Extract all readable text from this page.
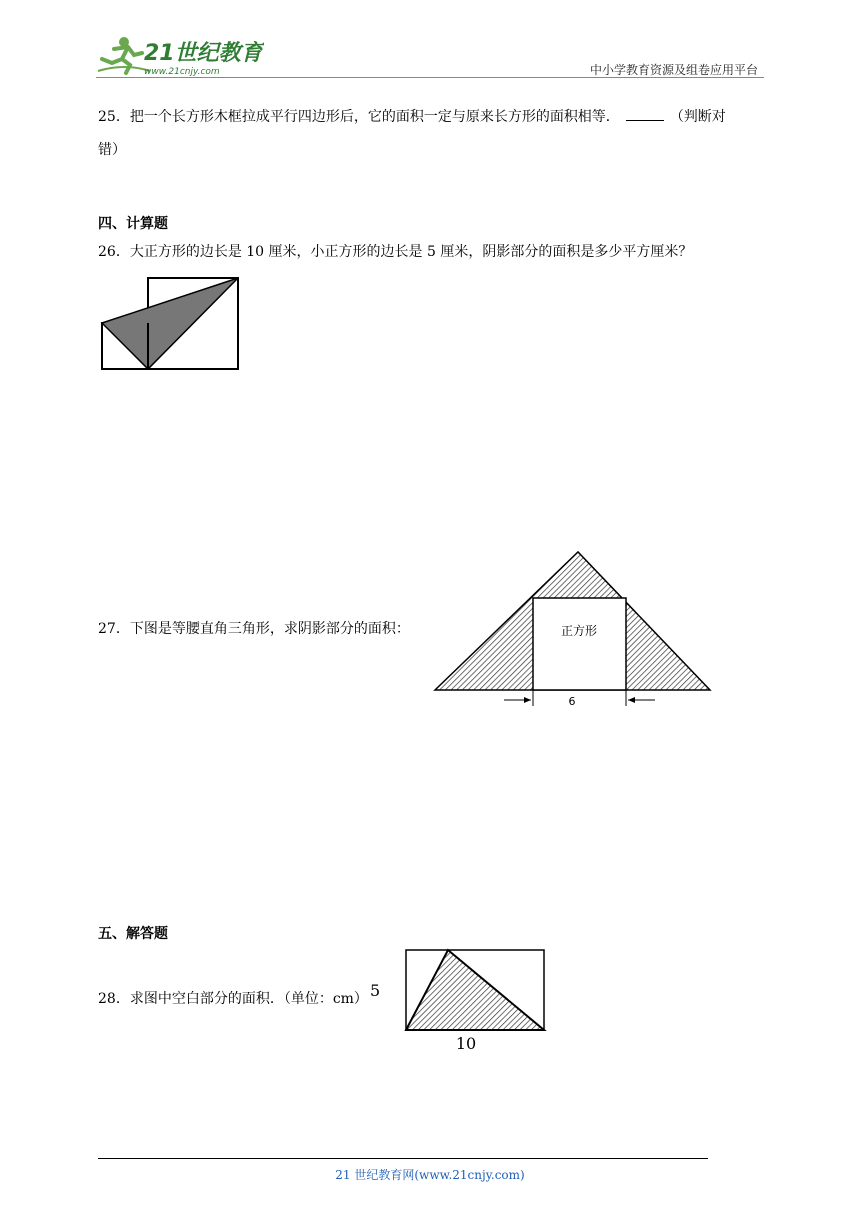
21世纪教育
www.21cnjy.com	中小学教育资源及组卷应用平台
25．把一个长方形木框拉成平行四边形后，它的面积一定与原来长方形的面积相等．	（判断对
错）
四、计算题
26．大正方形的边长是 10 厘米，小正方形的边长是 5 厘米，阴影部分的面积是多少平方厘米？
27．下图是等腰直角三角形，求阴影部分的面积：	正方形
6
五、解答题
28．求图中空白部分的面积．（单位：cm） 5
10
21 世纪教育网(www.21cnjy.com)
